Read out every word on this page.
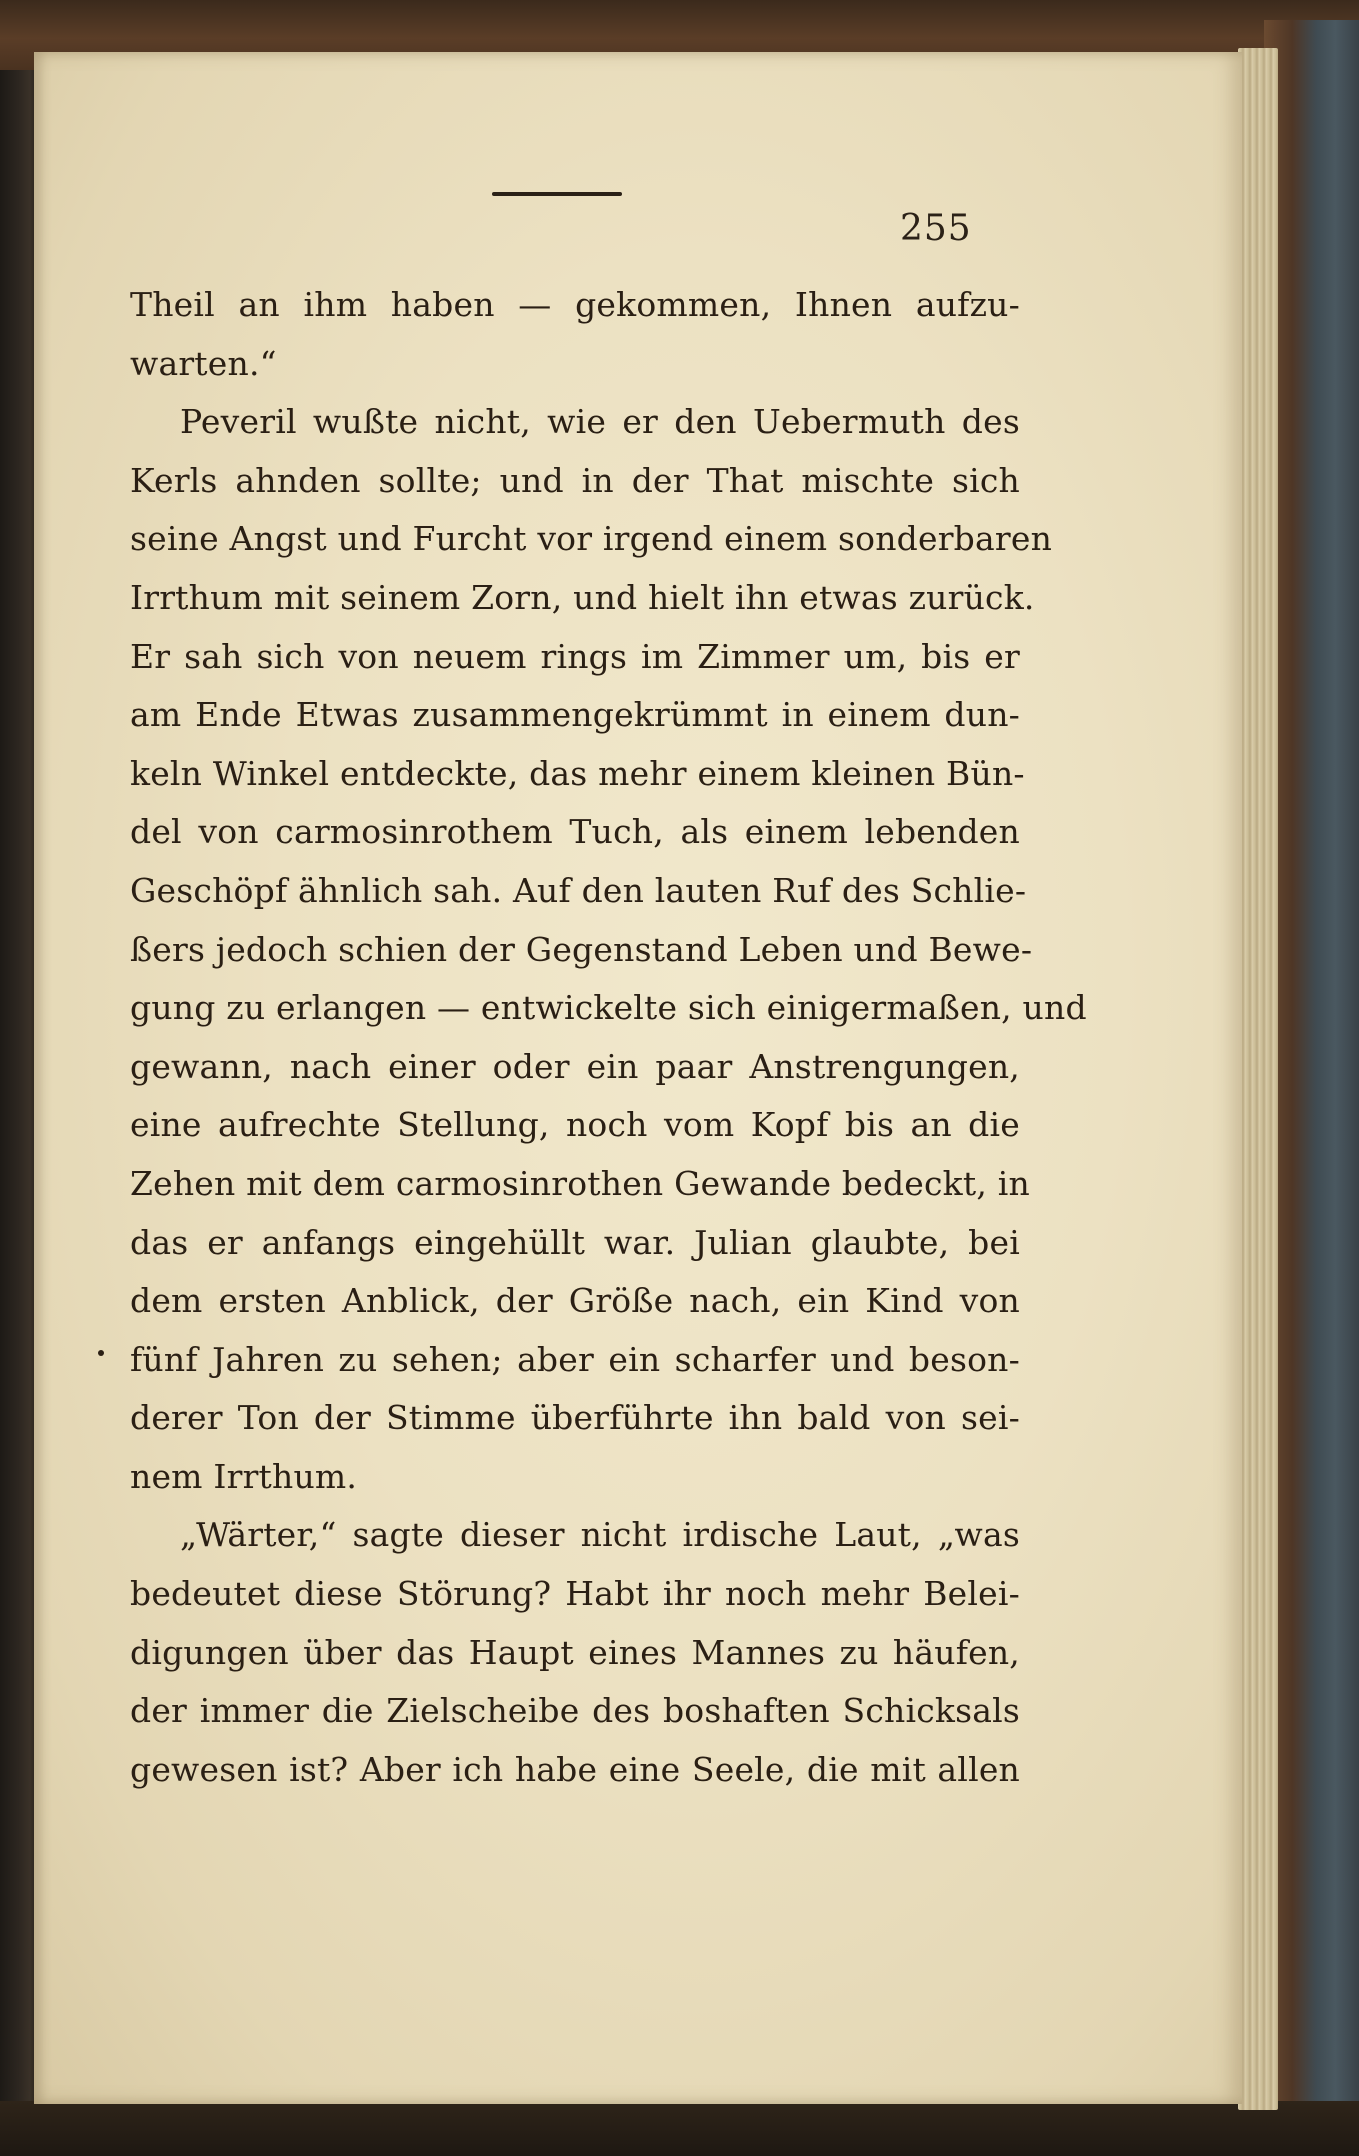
255
Theil an ihm haben — gekommen, Ihnen aufzu-
warten.“
Peveril wußte nicht, wie er den Uebermuth des
Kerls ahnden sollte; und in der That mischte sich
seine Angst und Furcht vor irgend einem sonderbaren
Irrthum mit seinem Zorn, und hielt ihn etwas zurück.
Er sah sich von neuem rings im Zimmer um, bis er
am Ende Etwas zusammengekrümmt in einem dun-
keln Winkel entdeckte, das mehr einem kleinen Bün-
del von carmosinrothem Tuch, als einem lebenden
Geschöpf ähnlich sah. Auf den lauten Ruf des Schlie-
ßers jedoch schien der Gegenstand Leben und Bewe-
gung zu erlangen — entwickelte sich einigermaßen, und
gewann, nach einer oder ein paar Anstrengungen,
eine aufrechte Stellung, noch vom Kopf bis an die
Zehen mit dem carmosinrothen Gewande bedeckt, in
das er anfangs eingehüllt war. Julian glaubte, bei
dem ersten Anblick, der Größe nach, ein Kind von
fünf Jahren zu sehen; aber ein scharfer und beson-
derer Ton der Stimme überführte ihn bald von sei-
nem Irrthum.
„Wärter,“ sagte dieser nicht irdische Laut, „was
bedeutet diese Störung? Habt ihr noch mehr Belei-
digungen über das Haupt eines Mannes zu häufen,
der immer die Zielscheibe des boshaften Schicksals
gewesen ist? Aber ich habe eine Seele, die mit allen
